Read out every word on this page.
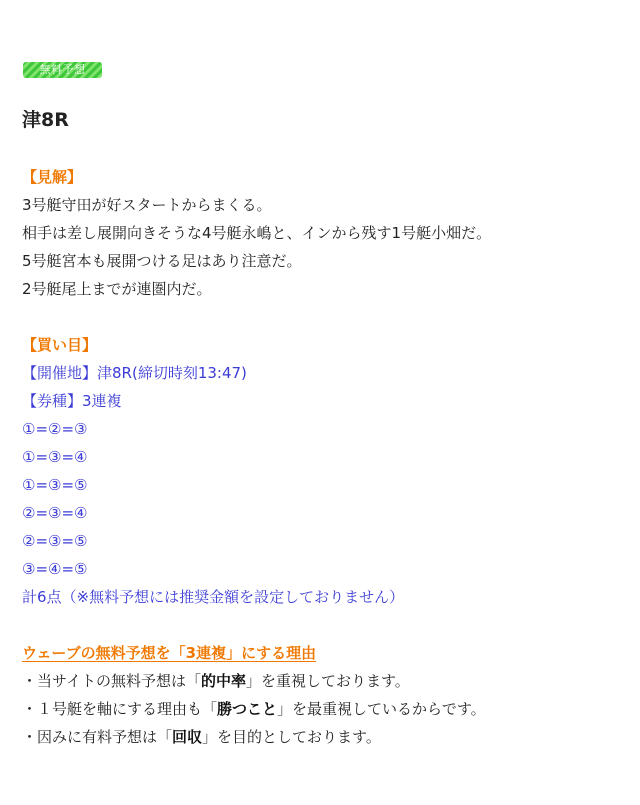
無料予想
津8R
【見解】
3号艇守田が好スタートからまくる。
相手は差し展開向きそうな4号艇永嶋と、インから残す1号艇小畑だ。
5号艇宮本も展開つける足はあり注意だ。
2号艇尾上までが連圏内だ。
【買い目】
【開催地】津8R(締切時刻13:47)
【券種】3連複
①=②=③
①=③=④
①=③=⑤
②=③=④
②=③=⑤
③=④=⑤
計6点（※無料予想には推奨金額を設定しておりません）
ウェーブの無料予想を「3連複」にする理由
・当サイトの無料予想は「的中率」を重視しております。
・１号艇を軸にする理由も「勝つこと」を最重視しているからです。
・因みに有料予想は「回収」を目的としております。
